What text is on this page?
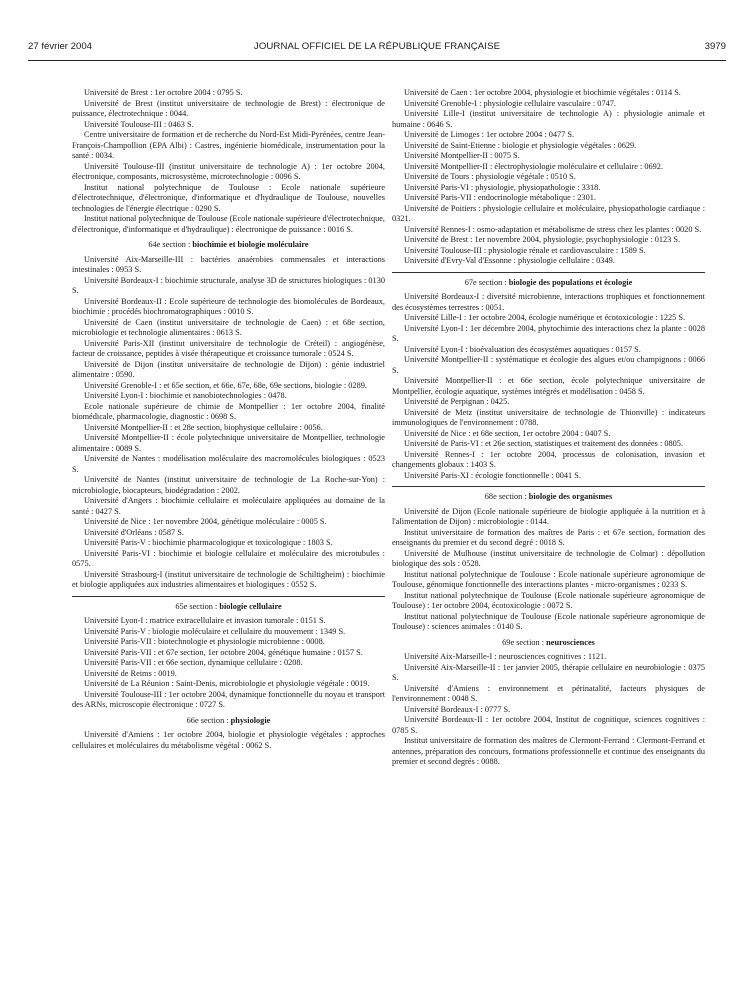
27 février 2004	JOURNAL OFFICIEL DE LA RÉPUBLIQUE FRANÇAISE	3979

Université de Brest : 1er octobre 2004 : 0795 S.

Université de Brest (institut universitaire de technologie de Brest) : électronique de puissance, électrotechnique : 0044.

Université Toulouse-III : 0463 S.

Centre universitaire de formation et de recherche du Nord-Est Midi-Pyrénées, centre Jean-François-Champollion (EPA Albi) : Castres, ingénierie biomédicale, instrumentation pour la santé : 0034.

Université Toulouse-III (institut universitaire de technologie A) : 1er octobre 2004, électronique, composants, microsystème, microtechnologie : 0096 S.

Institut national polytechnique de Toulouse : Ecole nationale supérieure d'électrotechnique, d'électronique, d'informatique et d'hydraulique de Toulouse, nouvelles technologies de l'énergie électrique : 0290 S.

Institut national polytechnique de Toulouse (Ecole nationale supérieure d'électrotechnique, d'électronique, d'informatique et d'hydraulique) : électronique de puissance : 0016 S.

64e section : biochimie et biologie moléculaire

Université Aix-Marseille-III : bactéries anaérobies commensales et interactions intestinales : 0953 S.

Université Bordeaux-I : biochimie structurale, analyse 3D de structures biologiques : 0130 S.

Université Bordeaux-II : Ecole supérieure de technologie des biomolécules de Bordeaux, biochimie : procédés biochromatographiques : 0010 S.

Université de Caen (institut universitaire de technologie de Caen) : et 68e section, microbiologie et technologie alimentaires : 0613 S.

Université Paris-XII (institut universitaire de technologie de Créteil) : angiogénèse, facteur de croissance, peptides à visée thérapeutique et croissance tumorale : 0524 S.

Université de Dijon (institut universitaire de technologie de Dijon) : génie industriel alimentaire : 0590.

Université Grenoble-I : et 65e section, et 66e, 67e, 68e, 69e sections, biologie : 0289.

Université Lyon-I : biochimie et nanobiotechnologies : 0478.

Ecole nationale supérieure de chimie de Montpellier : 1er octobre 2004, finalité biomédicale, pharmacologie, diagnostic : 0698 S.

Université Montpellier-II : et 28e section, biophysique cellulaire : 0056.

Université Montpellier-II : école polytechnique universitaire de Montpellier, technologie alimentaire : 0089 S.

Université de Nantes : modélisation moléculaire des macromolécules biologiques : 0523 S.

Université de Nantes (institut universitaire de technologie de La Roche-sur-Yon) : microbiologie, biocapteurs, biodégradation : 2002.

Université d'Angers : biochimie cellulaire et moléculaire appliquées au domaine de la santé : 0427 S.

Université de Nice : 1er novembre 2004, génétique moléculaire : 0005 S.

Université d'Orléans : 0587 S.

Université Paris-V : biochimie pharmacologique et toxicologique : 1803 S.

Université Paris-VI : biochimie et biologie cellulaire et moléculaire des microtubules : 0575.

Université Strasbourg-I (institut universitaire de technologie de Schiltigheim) : biochimie et biologie appliquées aux industries alimentaires et biologiques : 0552 S.

65e section : biologie cellulaire

Université Lyon-I : matrice extracellulaire et invasion tumorale : 0151 S.

Université Paris-V : biologie moléculaire et cellulaire du mouvement : 1349 S.

Université Paris-VII : biotechnologie et physiologie microbienne : 0008.

Université Paris-VII : et 67e section, 1er octobre 2004, génétique humaine : 0157 S.

Université Paris-VII : et 66e section, dynamique cellulaire : 0208.

Université de Reims : 0019.

Université de La Réunion : Saint-Denis, microbiologie et physiologie végétale : 0019.

Université Toulouse-III : 1er octobre 2004, dynamique fonctionnelle du noyau et transport des ARNs, microscopie électronique : 0727 S.

66e section : physiologie

Université d'Amiens : 1er octobre 2004, biologie et physiologie végétales : approches cellulaires et moléculaires du métabolisme végétal : 0062 S.

Université de Caen : 1er octobre 2004, physiologie et biochimie végétales : 0114 S.

Université Grenoble-I : physiologie cellulaire vasculaire : 0747.

Université Lille-I (institut universitaire de technologie A) : physiologie animale et humaine : 0646 S.

Université de Limoges : 1er octobre 2004 : 0477 S.

Université de Saint-Etienne : biologie et physiologie végétales : 0629.

Université Montpellier-II : 0075 S.

Université Montpellier-II : électrophysiologie moléculaire et cellulaire : 0692.

Université de Tours : physiologie végétale : 0510 S.

Université Paris-VI : physiologie, physiopathologie : 3318.

Université Paris-VII : endocrinologie métabolique : 2301.

Université de Poitiers : physiologie cellulaire et moléculaire, physiopathologie cardiaque : 0321.

Université Rennes-I : osmo-adaptation et métabolisme de stress chez les plantes : 0020 S.

Université de Brest : 1er novembre 2004, physiologie, psychophysiologie : 0123 S.

Université Toulouse-III : physiologie rénale et cardiovasculaire : 1589 S.

Université d'Evry-Val d'Essonne : physiologie cellulaire : 0349.

67e section : biologie des populations et écologie

Université Bordeaux-I : diversité microbienne, interactions trophiques et fonctionnement des écosystèmes terrestres : 0051.

Université Lille-I : 1er octobre 2004, écologie numérique et écotoxicologie : 1225 S.

Université Lyon-I : 1er décembre 2004, phytochimie des interactions chez la plante : 0028 S.

Université Lyon-I : bioévaluation des écosystèmes aquatiques : 0157 S.

Université Montpellier-II : systématique et écologie des algues et/ou champignons : 0066 S.

Université Montpellier-II : et 66e section, école polytechnique universitaire de Montpellier, écologie aquatique, systèmes intégrés et modélisation : 0458 S.

Université de Perpignan : 0425.

Université de Metz (institut universitaire de technologie de Thionville) : indicateurs immunologiques de l'environnement : 0788.

Université de Nice : et 68e section, 1er octobre 2004 : 0407 S.

Université de Paris-VI : et 26e section, statistiques et traitement des données : 0805.

Université Rennes-I : 1er octobre 2004, processus de colonisation, invasion et changements globaux : 1403 S.

Université Paris-XI : écologie fonctionnelle : 0041 S.

68e section : biologie des organismes

Université de Dijon (Ecole nationale supérieure de biologie appliquée à la nutrition et à l'alimentation de Dijon) : microbiologie : 0144.

Institut universitaire de formation des maîtres de Paris : et 67e section, formation des enseignants du premier et du second degré : 0018 S.

Université de Mulhouse (institut universitaire de technologie de Colmar) : dépollution biologique des sols : 0528.

Institut national polytechnique de Toulouse : Ecole nationale supérieure agronomique de Toulouse, génomique fonctionnelle des interactions plantes - micro-organismes : 0233 S.

Institut national polytechnique de Toulouse (Ecole nationale supérieure agronomique de Toulouse) : 1er octobre 2004, écotoxicologie : 0072 S.

Institut national polytechnique de Toulouse (Ecole nationale supérieure agronomique de Toulouse) : sciences animales : 0140 S.

69e section : neurosciences

Université Aix-Marseille-I : neurosciences cognitives : 1121.

Université Aix-Marseille-II : 1er janvier 2005, thérapie cellulaire en neurobiologie : 0375 S.

Université d'Amiens : environnement et périnatalité, facteurs physiques de l'environnement : 0048 S.

Université Bordeaux-I : 0777 S.

Université Bordeaux-II : 1er octobre 2004, Institut de cognitique, sciences cognitives : 0785 S.

Institut universitaire de formation des maîtres de Clermont-Ferrand : Clermont-Ferrand et antennes, préparation des concours, formations professionnelle et continue des enseignants du premier et second degrés : 0088.
